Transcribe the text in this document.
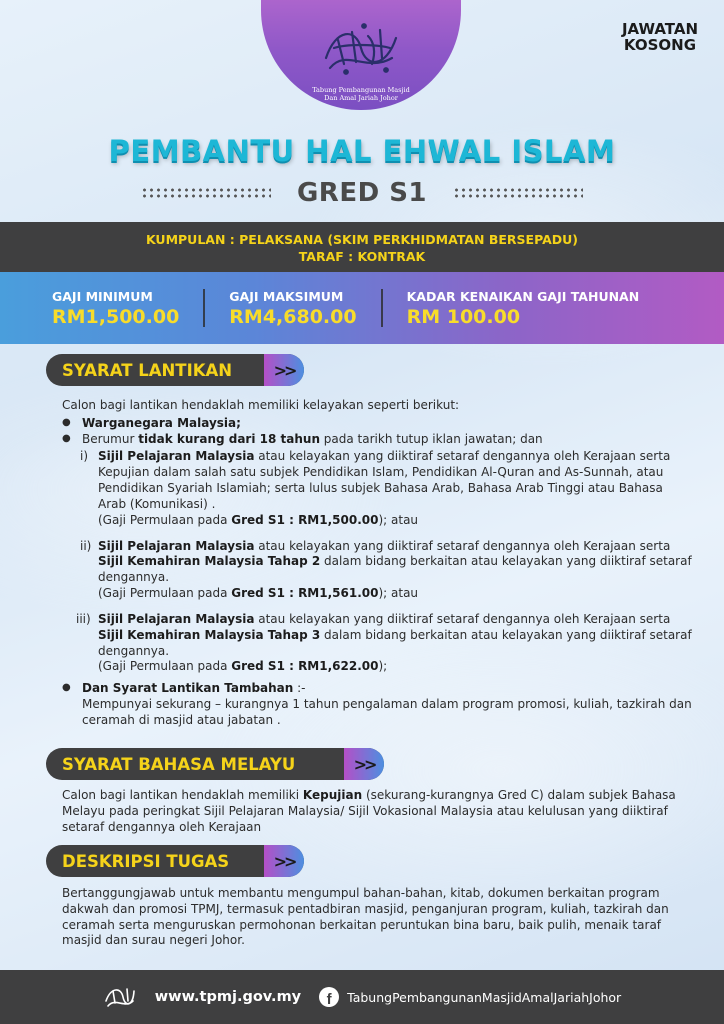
Tabung Pembangunan Masjid
Dan Amal Jariah Johor
JAWATAN
KOSONG
PEMBANTU HAL EHWAL ISLAM
GRED S1
KUMPULAN : PELAKSANA (SKIM PERKHIDMATAN BERSEPADU)
TARAF : KONTRAK
GAJI MINIMUM
RM1,500.00
GAJI MAKSIMUM
RM4,680.00
KADAR KENAIKAN GAJI TAHUNAN
RM 100.00
SYARAT LANTIKAN	>>
Calon bagi lantikan hendaklah memiliki kelayakan seperti berikut:
● Warganegara Malaysia;
● Berumur tidak kurang dari 18 tahun pada tarikh tutup iklan jawatan; dan
i) Sijil Pelajaran Malaysia atau kelayakan yang diiktiraf setaraf dengannya oleh Kerajaan serta Kepujian dalam salah satu subjek Pendidikan Islam, Pendidikan Al-Quran and As-Sunnah, atau Pendidikan Syariah Islamiah; serta lulus subjek Bahasa Arab, Bahasa Arab Tinggi atau Bahasa Arab (Komunikasi) .
(Gaji Permulaan pada Gred S1 : RM1,500.00); atau
ii) Sijil Pelajaran Malaysia atau kelayakan yang diiktiraf setaraf dengannya oleh Kerajaan serta Sijil Kemahiran Malaysia Tahap 2 dalam bidang berkaitan atau kelayakan yang diiktiraf setaraf dengannya.
(Gaji Permulaan pada Gred S1 : RM1,561.00); atau
iii) Sijil Pelajaran Malaysia atau kelayakan yang diiktiraf setaraf dengannya oleh Kerajaan serta Sijil Kemahiran Malaysia Tahap 3 dalam bidang berkaitan atau kelayakan yang diiktiraf setaraf dengannya.
(Gaji Permulaan pada Gred S1 : RM1,622.00);
● Dan Syarat Lantikan Tambahan :-
Mempunyai sekurang – kurangnya 1 tahun pengalaman dalam program promosi, kuliah, tazkirah dan ceramah di masjid atau jabatan .
SYARAT BAHASA MELAYU	>>
Calon bagi lantikan hendaklah memiliki Kepujian (sekurang-kurangnya Gred C) dalam subjek Bahasa Melayu pada peringkat Sijil Pelajaran Malaysia/ Sijil Vokasional Malaysia atau kelulusan yang diiktiraf setaraf dengannya oleh Kerajaan
DESKRIPSI TUGAS	>>
Bertanggungjawab untuk membantu mengumpul bahan-bahan, kitab, dokumen berkaitan program dakwah dan promosi TPMJ, termasuk pentadbiran masjid, penganjuran program, kuliah, tazkirah dan ceramah serta menguruskan permohonan berkaitan peruntukan bina baru, baik pulih, menaik taraf masjid dan surau negeri Johor.
www.tpmj.gov.my	f	TabungPembangunanMasjidAmalJariahJohor
